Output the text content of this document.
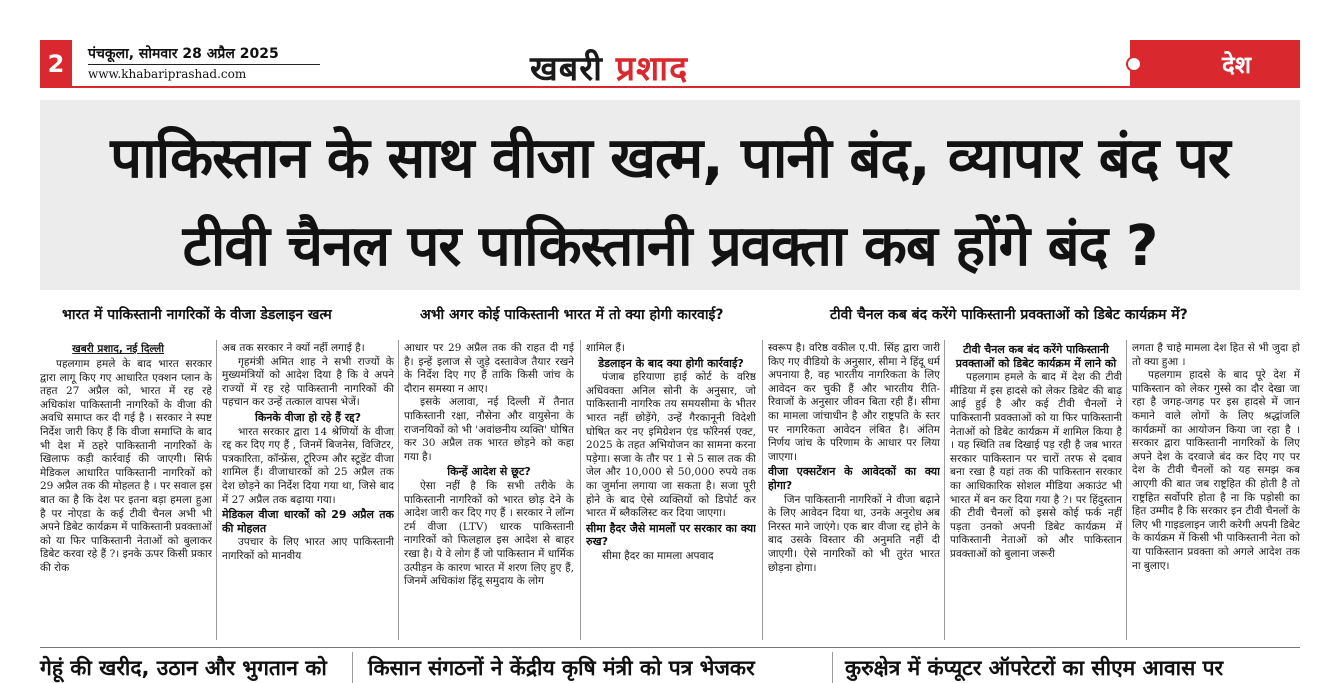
2	पंचकूला, सोमवार 28 अप्रैल 2025
www.khabariprashad.com	खबरी प्रशाद	देश
पाकिस्तान के साथ वीजा खत्म, पानी बंद, व्यापार बंद पर
टीवी चैनल पर पाकिस्तानी प्रवक्ता कब होंगे बंद ?
भारत में पाकिस्तानी नागरिकों के वीजा डेडलाइन खत्म	अभी अगर कोई पाकिस्तानी भारत में तो क्या होगी कारवाई?	टीवी चैनल कब बंद करेंगे पाकिस्तानी प्रवक्ताओं को डिबेट कार्यक्रम में?
खबरी प्रशाद, नई दिल्ली

पहलगाम हमले के बाद भारत सरकार द्वारा लागू किए गए आधारित एक्शन प्लान के तहत 27 अप्रैल को, भारत में रह रहे अधिकांश पाकिस्तानी नागरिकों के वीजा की अवधि समाप्त कर दी गई है । सरकार ने स्पष्ट निर्देश जारी किए हैं कि वीजा समाप्ति के बाद भी देश में ठहरे पाकिस्तानी नागरिकों के खिलाफ कड़ी कार्रवाई की जाएगी। सिर्फ मेडिकल आधारित पाकिस्तानी नागरिकों को 29 अप्रैल तक की मोहलत है । पर सवाल इस बात का है कि देश पर इतना बड़ा हमला हुआ है पर नोएडा के कई टीवी चैनल अभी भी अपने डिबेट कार्यक्रम में पाकिस्तानी प्रवक्ताओं को या फिर पाकिस्तानी नेताओं को बुलाकर डिबेट करवा रहे हैं ?। इनके ऊपर किसी प्रकार की रोक

अब तक सरकार ने क्यों नहीं लगाई है।

गृहमंत्री अमित शाह ने सभी राज्यों के मुख्यमंत्रियों को आदेश दिया है कि वे अपने राज्यों में रह रहे पाकिस्तानी नागरिकों की पहचान कर उन्हें तत्काल वापस भेजें।

किनके वीजा हो रहे हैं रद्द?

भारत सरकार द्वारा 14 श्रेणियों के वीजा रद्द कर दिए गए हैं , जिनमें बिजनेस, विजिटर, पत्रकारिता, कॉन्फ्रेंस, टूरिज्म और स्टूडेंट वीजा शामिल हैं। वीजाधारकों को 25 अप्रैल तक देश छोड़ने का निर्देश दिया गया था, जिसे बाद में 27 अप्रैल तक बढ़ाया गया।

मेडिकल वीजा धारकों को 29 अप्रैल तक की मोहलत

उपचार के लिए भारत आए पाकिस्तानी नागरिकों को मानवीय

आधार पर 29 अप्रैल तक की राहत दी गई है। इन्हें इलाज से जुड़े दस्तावेज तैयार रखने के निर्देश दिए गए हैं ताकि किसी जांच के दौरान समस्या न आए।

इसके अलावा, नई दिल्ली में तैनात पाकिस्तानी रक्षा, नौसेना और वायुसेना के राजनयिकों को भी 'अवांछनीय व्यक्ति' घोषित कर 30 अप्रैल तक भारत छोड़ने को कहा गया है।

किन्हें आदेश से छूट?

ऐसा नहीं है कि सभी तरीके के पाकिस्तानी नागरिकों को भारत छोड़ देने के आदेश जारी कर दिए गए हैं । सरकार ने लॉन्ग टर्म वीजा (LTV) धारक पाकिस्तानी नागरिकों को फिलहाल इस आदेश से बाहर रखा है। ये वे लोग हैं जो पाकिस्तान में धार्मिक उत्पीड़न के कारण भारत में शरण लिए हुए हैं, जिनमें अधिकांश हिंदू समुदाय के लोग

शामिल हैं।

डेडलाइन के बाद क्या होगी कार्रवाई?

पंजाब हरियाणा हाई कोर्ट के वरिष्ठ अधिवक्ता अनिल सोनी के अनुसार, जो पाकिस्तानी नागरिक तय समयसीमा के भीतर भारत नहीं छोड़ेंगे, उन्हें गैरकानूनी विदेशी घोषित कर नए इमिग्रेशन एंड फॉरेनर्स एक्ट, 2025 के तहत अभियोजन का सामना करना पड़ेगा। सजा के तौर पर 1 से 5 साल तक की जेल और 10,000 से 50,000 रुपये तक का जुर्माना लगाया जा सकता है। सजा पूरी होने के बाद ऐसे व्यक्तियों को डिपोर्ट कर भारत में ब्लैकलिस्ट कर दिया जाएगा।

सीमा हैदर जैसे मामलों पर सरकार का क्या रुख?

सीमा हैदर का मामला अपवाद

स्वरूप है। वरिष्ठ वकील ए.पी. सिंह द्वारा जारी किए गए वीडियो के अनुसार, सीमा ने हिंदू धर्म अपनाया है, वह भारतीय नागरिकता के लिए आवेदन कर चुकी हैं और भारतीय रीति-रिवाजों के अनुसार जीवन बिता रही हैं। सीमा का मामला जांचाधीन है और राष्ट्रपति के स्तर पर नागरिकता आवेदन लंबित है। अंतिम निर्णय जांच के परिणाम के आधार पर लिया जाएगा।

वीजा एक्सटेंशन के आवेदकों का क्या होगा?

जिन पाकिस्तानी नागरिकों ने वीजा बढ़ाने के लिए आवेदन दिया था, उनके अनुरोध अब निरस्त माने जाएंगे। एक बार वीजा रद्द होने के बाद उसके विस्तार की अनुमति नहीं दी जाएगी। ऐसे नागरिकों को भी तुरंत भारत छोड़ना होगा।

टीवी चैनल कब बंद करेंगे पाकिस्तानी प्रवक्ताओं को डिबेट कार्यक्रम में लाने को

पहलगाम हमले के बाद में देश की टीवी मीडिया में इस हादसे को लेकर डिबेट की बाढ़ आई हुई है और कई टीवी चैनलों ने पाकिस्तानी प्रवक्ताओं को या फिर पाकिस्तानी नेताओं को डिबेट कार्यक्रम में शामिल किया है । यह स्थिति तब दिखाई पड़ रही है जब भारत सरकार पाकिस्तान पर चारों तरफ से दबाव बना रखा है यहां तक की पाकिस्तान सरकार का आधिकारिक सोशल मीडिया अकाउंट भी भारत में बन कर दिया गया है ?। पर हिंदुस्तान की टीवी चैनलों को इससे कोई फर्क नहीं पड़ता उनको अपनी डिबेट कार्यक्रम में पाकिस्तानी नेताओं को और पाकिस्तान प्रवक्ताओं को बुलाना जरूरी

लगता है चाहे मामला देश हित से भी जुदा हो तो क्या हुआ ।

पहलगाम हादसे के बाद पूरे देश में पाकिस्तान को लेकर गुस्से का दौर देखा जा रहा है जगह-जगह पर इस हादसे में जान कमाने वाले लोगों के लिए श्रद्धांजलि कार्यक्रमों का आयोजन किया जा रहा है । सरकार द्वारा पाकिस्तानी नागरिकों के लिए अपने देश के दरवाजे बंद कर दिए गए पर देश के टीवी चैनलों को यह समझ कब आएगी की बात जब राष्ट्रहित की होती है तो राष्ट्रहित सर्वोपरि होता है ना कि पड़ोसी का हित उम्मीद है कि सरकार इन टीवी चैनलों के लिए भी गाइडलाइन जारी करेगी अपनी डिबेट के कार्यक्रम में किसी भी पाकिस्तानी नेता को या पाकिस्तान प्रवक्ता को अगले आदेश तक ना बुलाए।

गेहूं की खरीद, उठान और भुगतान को किसान संगठनों ने केंद्रीय कृषि मंत्री को पत्र भेजकर	कुरुक्षेत्र में कंप्यूटर ऑपरेटरों का सीएम आवास पर
